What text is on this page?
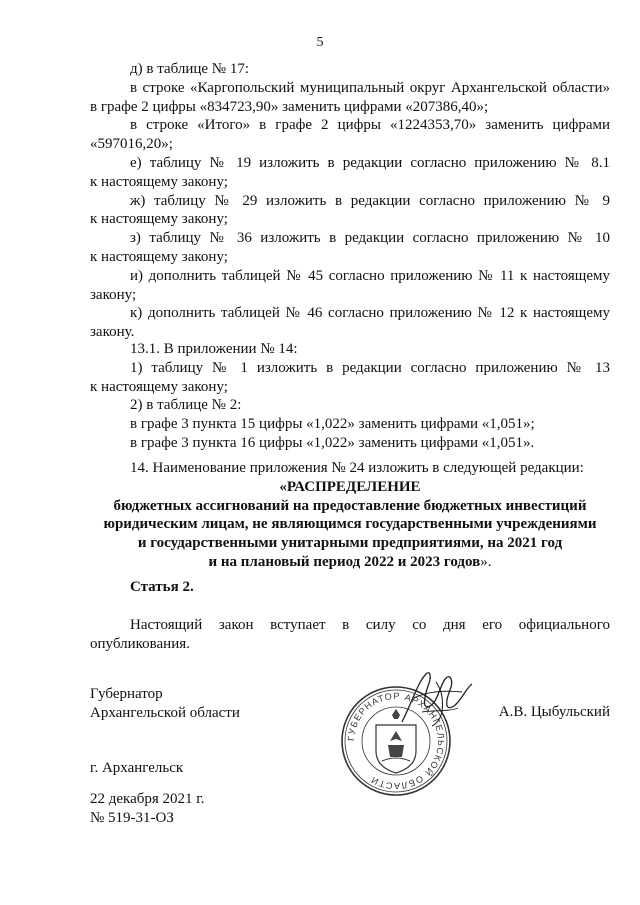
5
д) в таблице № 17:
в строке «Каргопольский муниципальный округ Архангельской области»
в графе 2 цифры «834723,90» заменить цифрами «207386,40»;
в строке «Итого» в графе 2 цифры «1224353,70» заменить цифрами
«597016,20»;
е) таблицу № 19 изложить в редакции согласно приложению № 8.1
к настоящему закону;
ж) таблицу № 29 изложить в редакции согласно приложению № 9
к настоящему закону;
з) таблицу № 36 изложить в редакции согласно приложению № 10
к настоящему закону;
и) дополнить таблицей № 45 согласно приложению № 11 к настоящему
закону;
к) дополнить таблицей № 46 согласно приложению № 12 к настоящему
закону.
13.1. В приложении № 14:
1) таблицу № 1 изложить в редакции согласно приложению № 13
к настоящему закону;
2) в таблице № 2:
в графе 3 пункта 15 цифры «1,022» заменить цифрами «1,051»;
в графе 3 пункта 16 цифры «1,022» заменить цифрами «1,051».
14. Наименование приложения № 24 изложить в следующей редакции:
«РАСПРЕДЕЛЕНИЕ
бюджетных ассигнований на предоставление бюджетных инвестиций
юридическим лицам, не являющимся государственными учреждениями
и государственными унитарными предприятиями, на 2021 год
и на плановый период 2022 и 2023 годов».
Статья 2.
Настоящий закон вступает в силу со дня его официального
опубликования.
Губернатор
Архангельской области	А.В. Цыбульский
ГУБЕРНАТОР АРХАНГЕЛЬСКОЙ ОБЛАСТИ
г. Архангельск
22 декабря 2021 г.
№ 519-31-ОЗ
